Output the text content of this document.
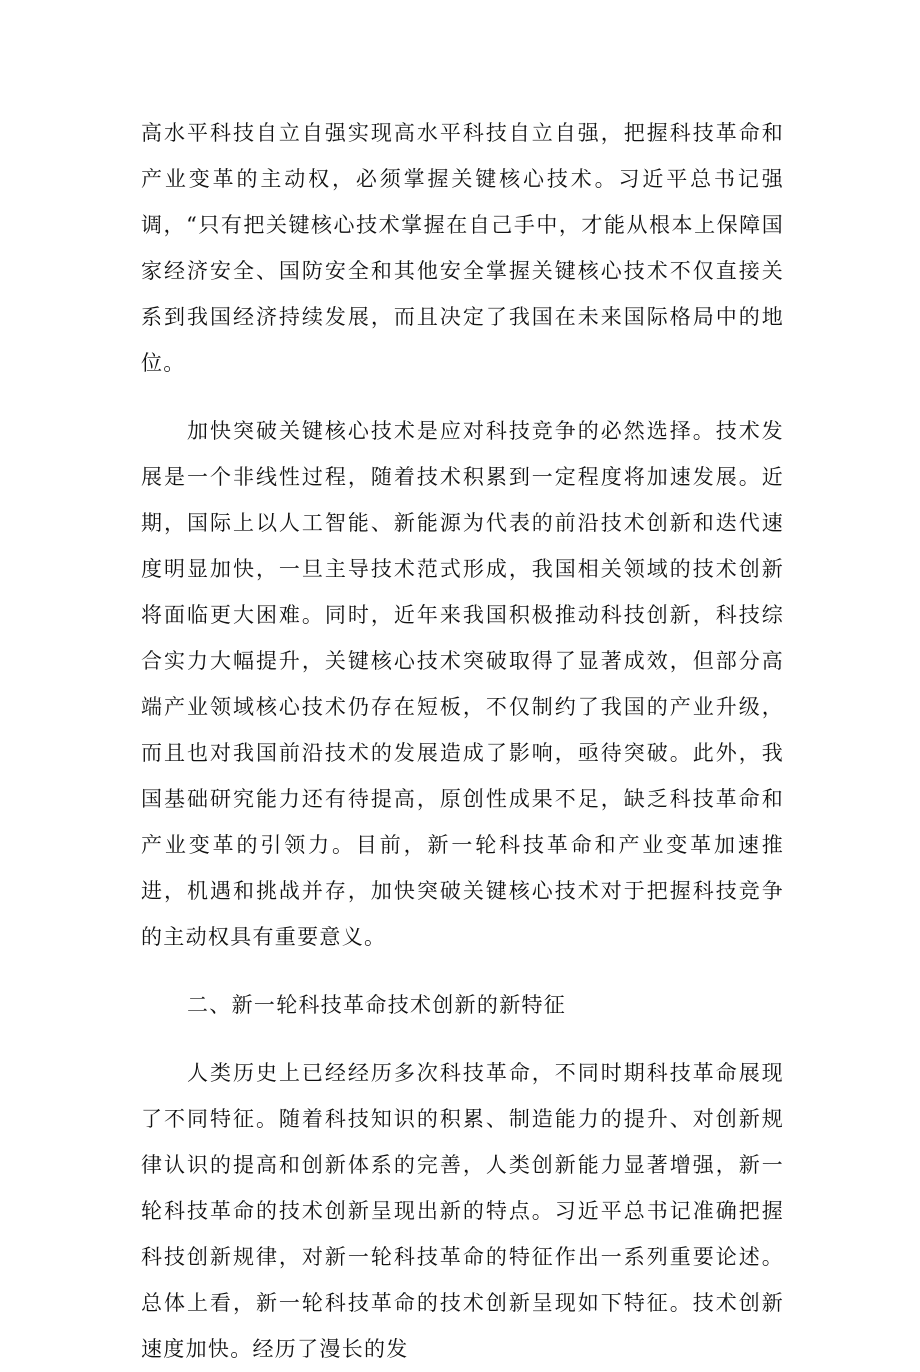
高水平科技自立自强实现高水平科技自立自强，把握科技革命和产业变革的主动权，必须掌握关键核心技术。习近平总书记强调，“只有把关键核心技术掌握在自己手中，才能从根本上保障国家经济安全、国防安全和其他安全掌握关键核心技术不仅直接关系到我国经济持续发展，而且决定了我国在未来国际格局中的地位。

加快突破关键核心技术是应对科技竞争的必然选择。技术发展是一个非线性过程，随着技术积累到一定程度将加速发展。近期，国际上以人工智能、新能源为代表的前沿技术创新和迭代速度明显加快，一旦主导技术范式形成，我国相关领域的技术创新将面临更大困难。同时，近年来我国积极推动科技创新，科技综合实力大幅提升，关键核心技术突破取得了显著成效，但部分高端产业领域核心技术仍存在短板，不仅制约了我国的产业升级，而且也对我国前沿技术的发展造成了影响，亟待突破。此外，我国基础研究能力还有待提高，原创性成果不足，缺乏科技革命和产业变革的引领力。目前，新一轮科技革命和产业变革加速推进，机遇和挑战并存，加快突破关键核心技术对于把握科技竞争的主动权具有重要意义。

二、新一轮科技革命技术创新的新特征

人类历史上已经经历多次科技革命，不同时期科技革命展现了不同特征。随着科技知识的积累、制造能力的提升、对创新规律认识的提高和创新体系的完善，人类创新能力显著增强，新一轮科技革命的技术创新呈现出新的特点。习近平总书记准确把握科技创新规律，对新一轮科技革命的特征作出一系列重要论述。总体上看，新一轮科技革命的技术创新呈现如下特征。技术创新速度加快。经历了漫长的发
